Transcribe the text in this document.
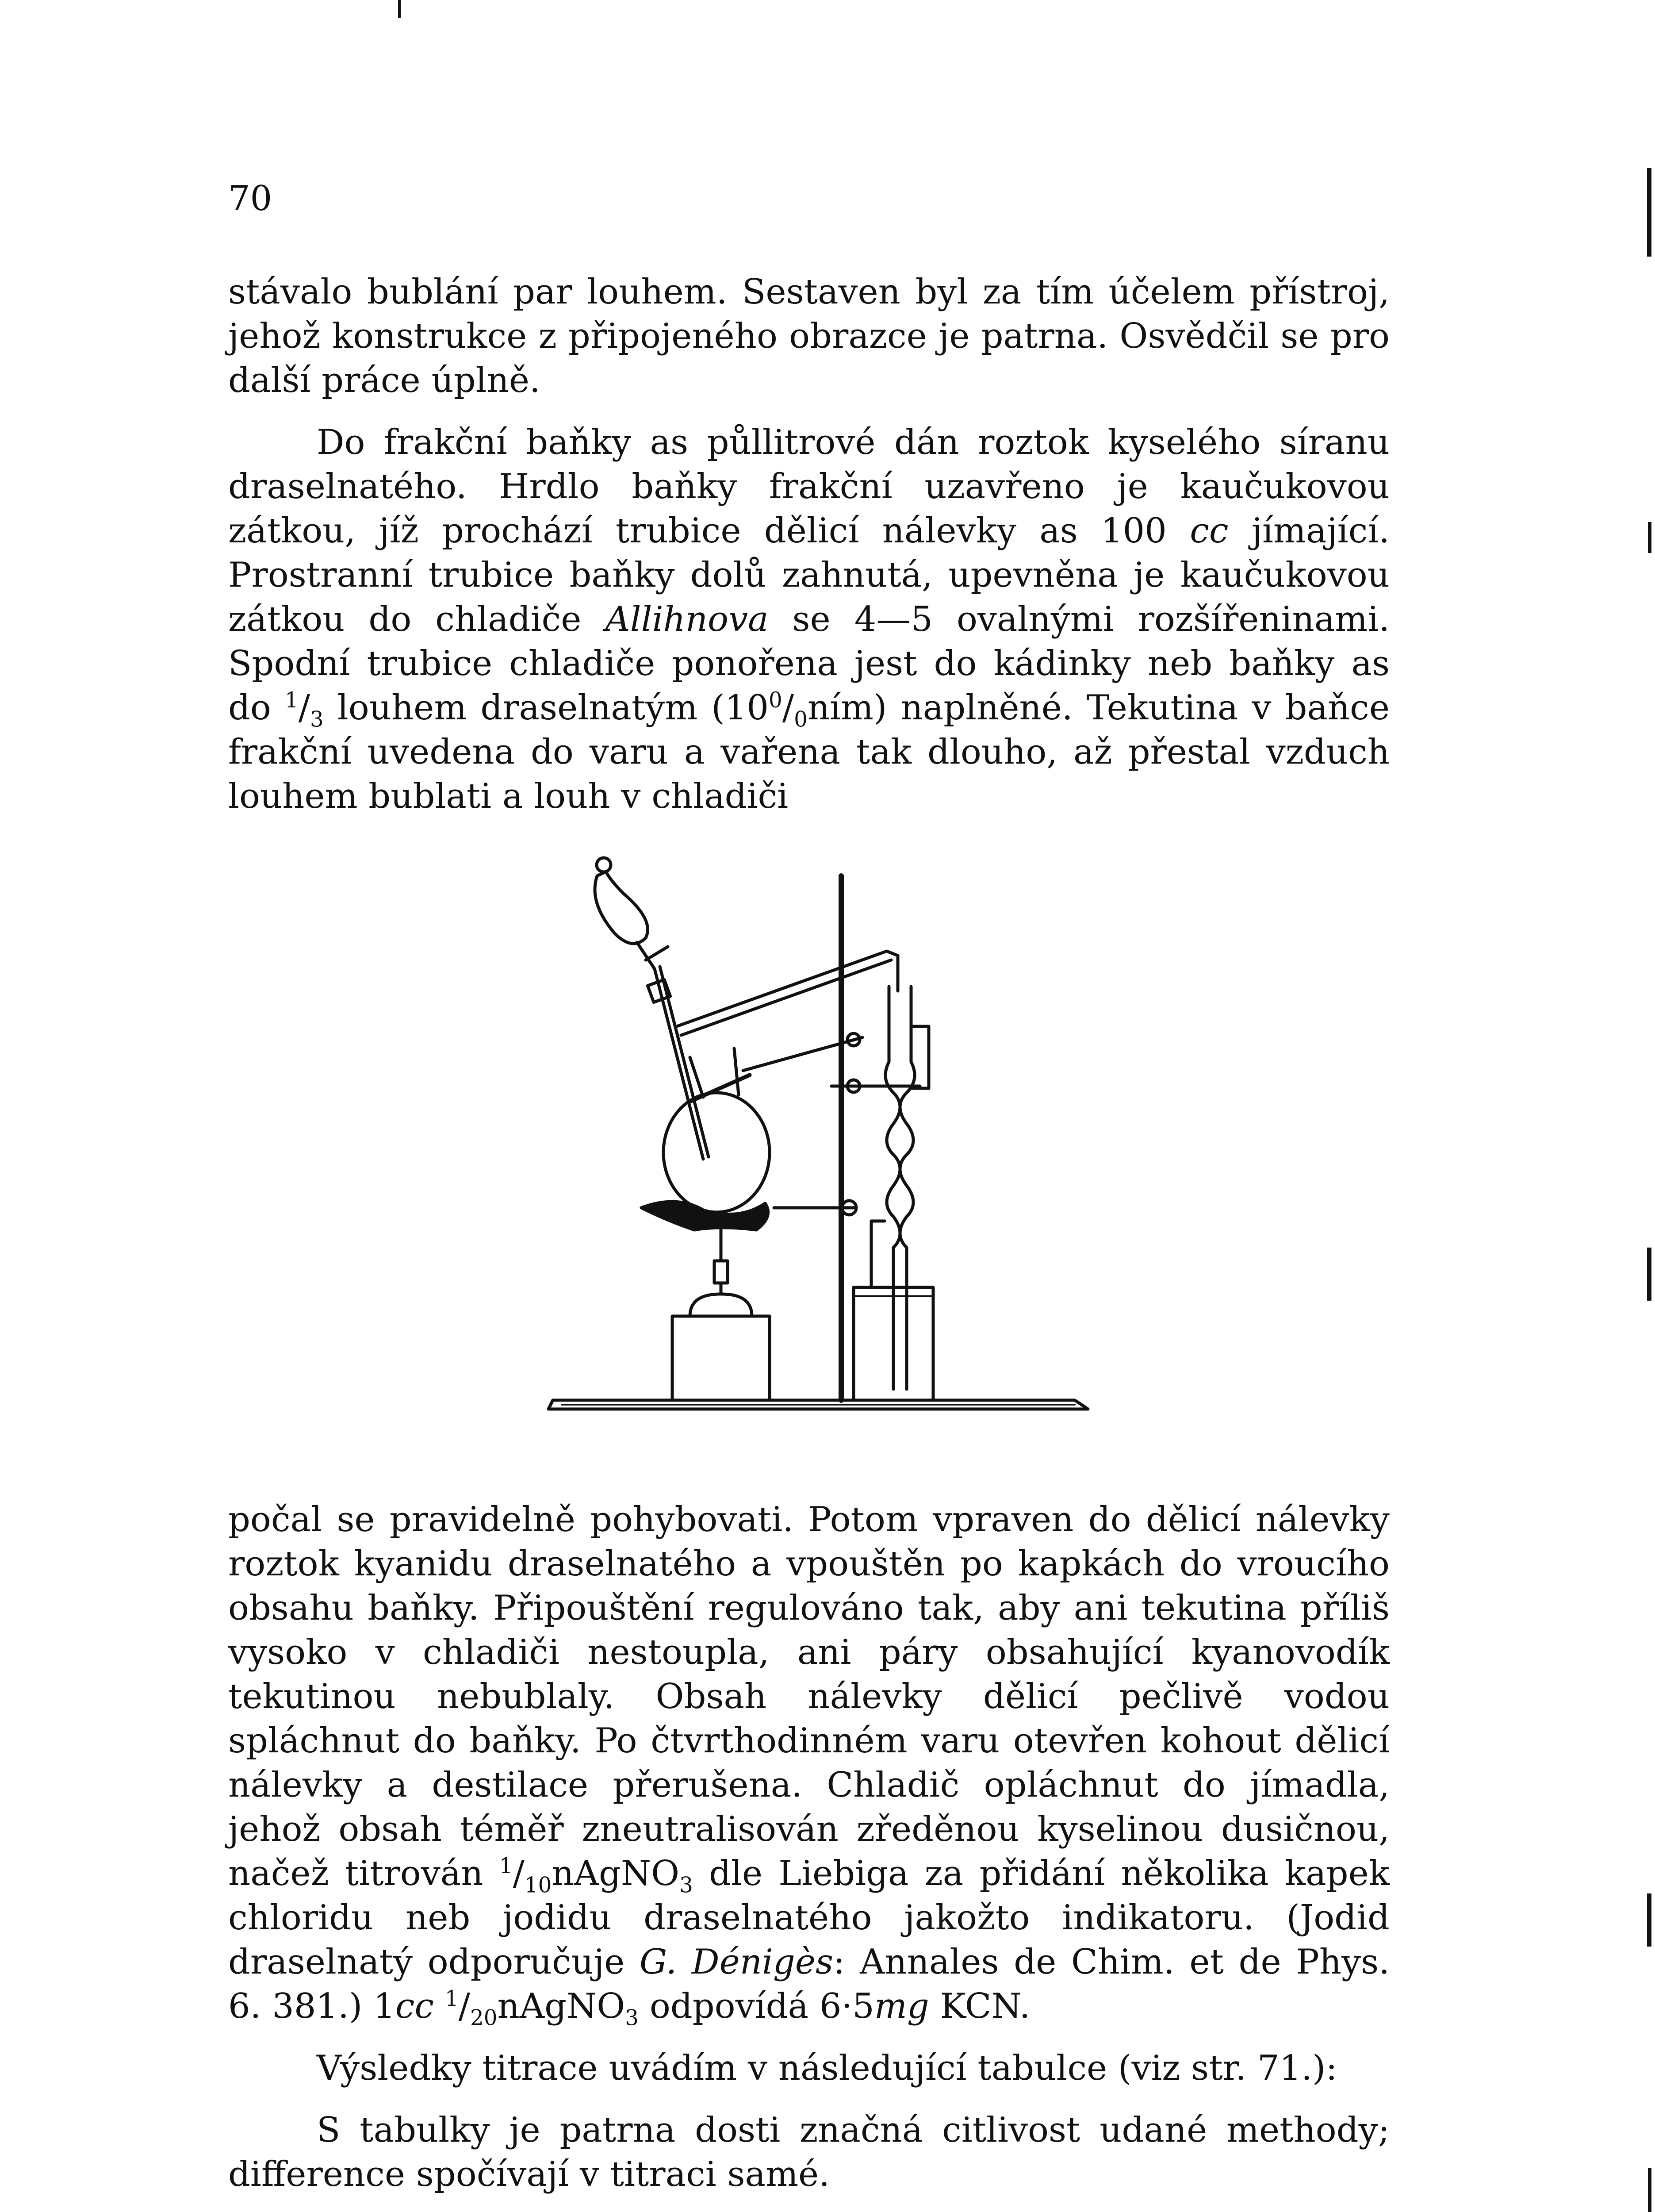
70

stávalo bublání par louhem. Sestaven byl za tím účelem přístroj, jehož konstrukce z připojeného obrazce je patrna. Osvědčil se pro další práce úplně.

Do frakční baňky as půllitrové dán roztok kyselého síranu draselnatého. Hrdlo baňky frakční uzavřeno je kaučukovou zátkou, jíž prochází trubice dělicí nálevky as 100 cc jímající. Prostranní trubice baňky dolů zahnutá, upevněna je kaučukovou zátkou do chladiče Allihnova se 4—5 ovalnými rozšířeninami. Spodní trubice chladiče ponořena jest do kádinky neb baňky as do $^1/_3$ louhem draselnatým $(10^0/_0ním)$ naplněné. Tekutina v baňce frakční uvedena do varu a vařena tak dlouho, až přestal vzduch louhem bublati a louh v chladiči

počal se pravidelně pohybovati. Potom vpraven do dělicí nálevky roztok kyanidu draselnatého a vpouštěn po kapkách do vroucího obsahu baňky. Připouštění regulováno tak, aby ani tekutina příliš vysoko v chladiči nestoupla, ani páry obsahující kyanovodík tekutinou nebublaly. Obsah nálevky dělicí pečlivě vodou spláchnut do baňky. Po čtvrthodinném varu otevřen kohout dělicí nálevky a destilace přerušena. Chladič opláchnut do jímadla, jehož obsah téměř zneutralisován zředěnou kyselinou dusičnou, načež titrován $^1/_{10}nAgNO_3$ dle Liebiga za přidání několika kapek chloridu neb jodidu draselnatého jakožto indikatoru. (Jodid draselnatý odporučuje G. Dénigès: Annales de Chim. et de Phys. 6. 381.) 1cc $^1/_{20}nAgNO_3$ odpovídá 6·5mg KCN.

Výsledky titrace uvádím v následující tabulce (viz str. 71.):

S tabulky je patrna dosti značná citlivost udané methody; difference spočívají v titraci samé.
